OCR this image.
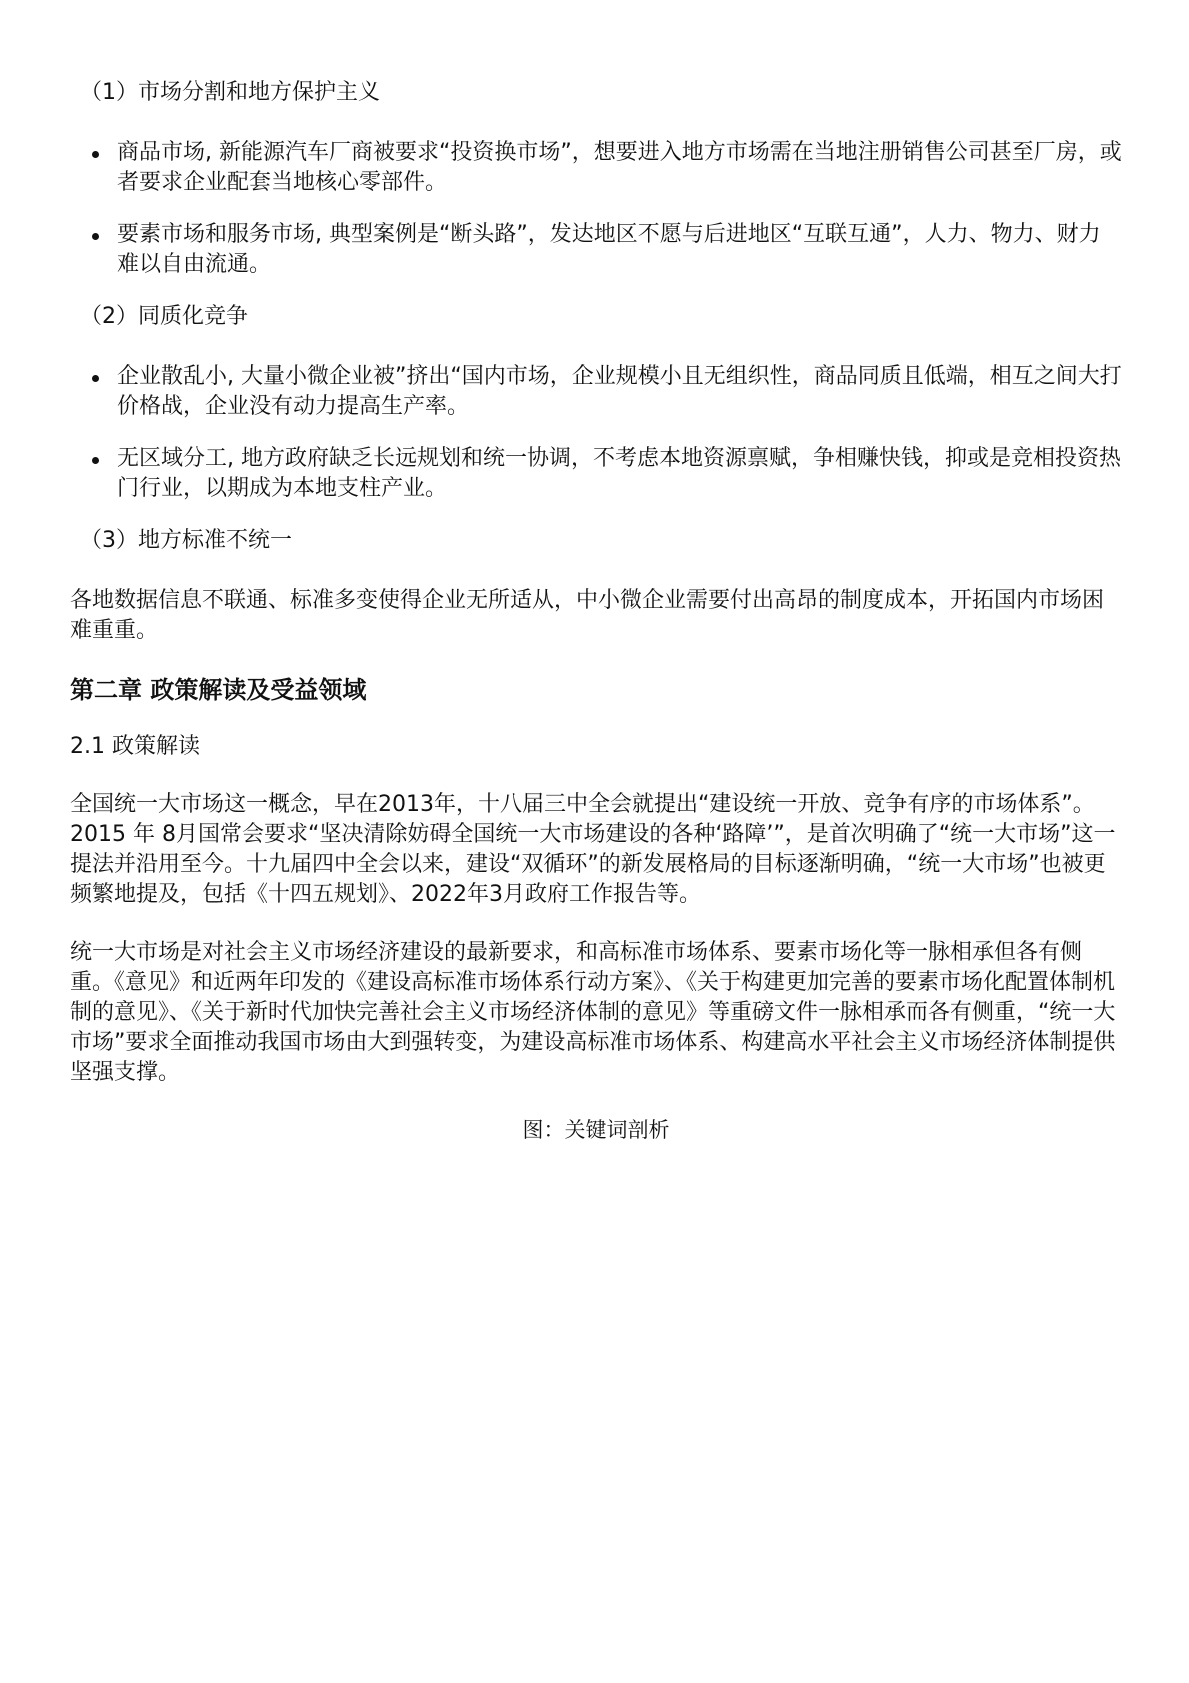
（1）市场分割和地方保护主义
商品市场, 新能源汽车厂商被要求“投资换市场”，想要进入地方市场需在当地注册销售公司甚至厂房，或者要求企业配套当地核心零部件。
要素市场和服务市场, 典型案例是“断头路”，发达地区不愿与后进地区“互联互通”，人力、物力、财力难以自由流通。
（2）同质化竞争
企业散乱小, 大量小微企业被”挤出“国内市场，企业规模小且无组织性，商品同质且低端，相互之间大打价格战，企业没有动力提高生产率。
无区域分工, 地方政府缺乏长远规划和统一协调，不考虑本地资源禀赋，争相赚快钱，抑或是竞相投资热门行业，以期成为本地支柱产业。
（3）地方标准不统一

各地数据信息不联通、标准多变使得企业无所适从，中小微企业需要付出高昂的制度成本，开拓国内市场困难重重。

第二章 政策解读及受益领域
2.1 政策解读

全国统一大市场这一概念，早在2013年，十八届三中全会就提出“建设统一开放、竞争有序的市场体系”。2015 年 8月国常会要求“坚决清除妨碍全国统一大市场建设的各种‘路障’”，是首次明确了“统一大市场”这一提法并沿用至今。十九届四中全会以来，建设“双循环”的新发展格局的目标逐渐明确，“统一大市场”也被更频繁地提及，包括《十四五规划》、2022年3月政府工作报告等。

统一大市场是对社会主义市场经济建设的最新要求，和高标准市场体系、要素市场化等一脉相承但各有侧重。《意见》和近两年印发的《建设高标准市场体系行动方案》、《关于构建更加完善的要素市场化配置体制机制的意见》、《关于新时代加快完善社会主义市场经济体制的意见》等重磅文件一脉相承而各有侧重，“统一大市场”要求全面推动我国市场由大到强转变，为建设高标准市场体系、构建高水平社会主义市场经济体制提供坚强支撑。

图：关键词剖析
